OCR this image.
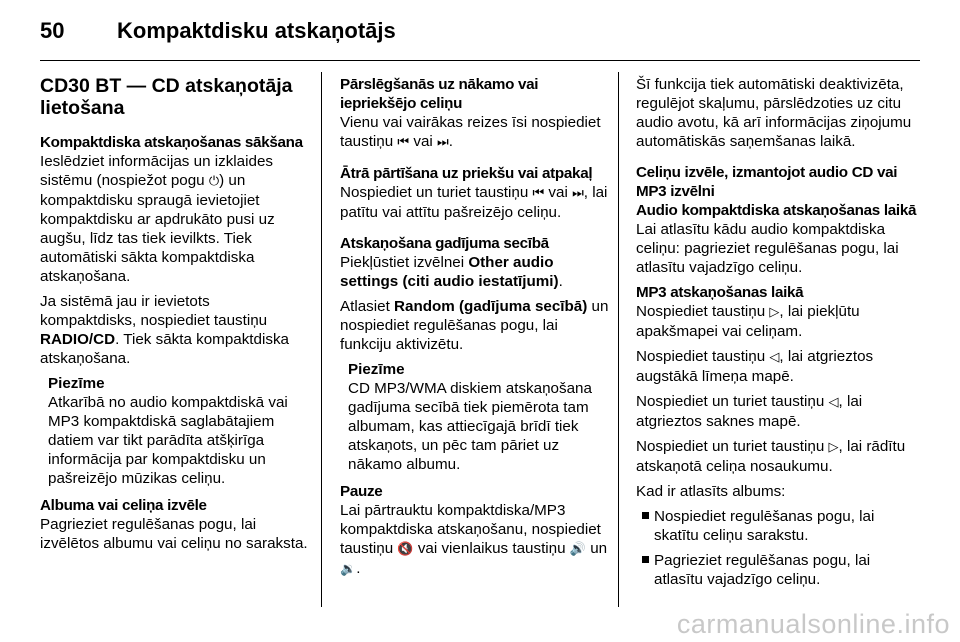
50 Kompaktdisku atskaņotājs
CD30 BT — CD atskaņotāja lietošana
Kompaktdiska atskaņošanas sākšana

Ieslēdziet informācijas un izklaides sistēmu (nospiežot pogu ⏻) un kompaktdisku spraugā ievietojiet kompaktdisku ar apdrukāto pusi uz augšu, līdz tas tiek ievilkts. Tiek automātiski sākta kompaktdiska atskaņošana.

Ja sistēmā jau ir ievietots kompaktdisks, nospiediet taustiņu RADIO/CD. Tiek sākta kompaktdiska atskaņošana.

Piezīme

Atkarībā no audio kompaktdiskā vai MP3 kompaktdiskā saglabātajiem datiem var tikt parādīta atšķirīga informācija par kompaktdisku un pašreizējo mūzikas celiņu.

Albuma vai celiņa izvēle

Pagrieziet regulēšanas pogu, lai izvēlētos albumu vai celiņu no saraksta.

Pārslēgšanās uz nākamo vai iepriekšējo celiņu

Vienu vai vairākas reizes īsi nospiediet taustiņu ⏮ vai ⏭.

Ātrā pārtīšana uz priekšu vai atpakaļ

Nospiediet un turiet taustiņu ⏮ vai ⏭, lai patītu vai attītu pašreizējo celiņu.

Atskaņošana gadījuma secībā

Piekļūstiet izvēlnei Other audio settings (citi audio iestatījumi).

Atlasiet Random (gadījuma secībā) un nospiediet regulēšanas pogu, lai funkciju aktivizētu.

Piezīme

CD MP3/WMA diskiem atskaņošana gadījuma secībā tiek piemērota tam albumam, kas attiecīgajā brīdī tiek atskaņots, un pēc tam pāriet uz nākamo albumu.

Pauze

Lai pārtrauktu kompaktdiska/MP3 kompaktdiska atskaņošanu, nospiediet taustiņu 🔇 vai vienlaikus taustiņu 🔊 un 🔉.

Šī funkcija tiek automātiski deaktivizēta, regulējot skaļumu, pārslēdzoties uz citu audio avotu, kā arī informācijas ziņojumu automātiskās saņemšanas laikā.

Celiņu izvēle, izmantojot audio CD vai MP3 izvēlni
Audio kompaktdiska atskaņošanas laikā

Lai atlasītu kādu audio kompaktdiska celiņu: pagrieziet regulēšanas pogu, lai atlasītu vajadzīgo celiņu.

MP3 atskaņošanas laikā

Nospiediet taustiņu ▷, lai piekļūtu apakšmapei vai celiņam.

Nospiediet taustiņu ◁, lai atgrieztos augstākā līmeņa mapē.

Nospiediet un turiet taustiņu ◁, lai atgrieztos saknes mapē.

Nospiediet un turiet taustiņu ▷, lai rādītu atskaņotā celiņa nosaukumu.

Kad ir atlasīts albums:

Nospiediet regulēšanas pogu, lai skatītu celiņu sarakstu.
Pagrieziet regulēšanas pogu, lai atlasītu vajadzīgo celiņu.
carmanualsonline.info
